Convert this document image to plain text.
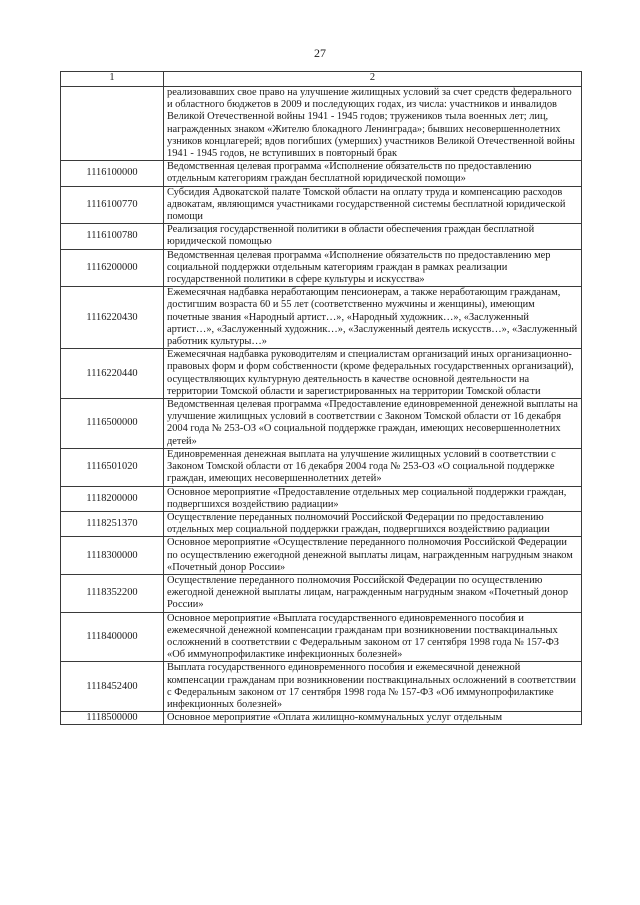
27
1	2
	реализовавших свое право на улучшение жилищных условий за счет средств федерального и областного бюджетов в 2009 и последующих годах, из числа: участников и инвалидов Великой Отечественной войны 1941 - 1945 годов; тружеников тыла военных лет; лиц, награжденных знаком «Жителю блокадного Ленинграда»; бывших несовершеннолетних узников концлагерей; вдов погибших (умерших) участников Великой Отечественной войны 1941 - 1945 годов, не вступивших в повторный брак
1116100000	Ведомственная целевая программа «Исполнение обязательств по предоставлению отдельным категориям граждан бесплатной юридической помощи»
1116100770	Субсидия Адвокатской палате Томской области на оплату труда и компенсацию расходов адвокатам, являющимся участниками государственной системы бесплатной юридической помощи
1116100780	Реализация государственной политики в области обеспечения граждан бесплатной юридической помощью
1116200000	Ведомственная целевая программа «Исполнение обязательств по предоставлению мер социальной поддержки отдельным категориям граждан в рамках реализации государственной политики в сфере культуры и искусства»
1116220430	Ежемесячная надбавка неработающим пенсионерам, а также неработающим гражданам, достигшим возраста 60 и 55 лет (соответственно мужчины и женщины), имеющим почетные звания «Народный артист…», «Народный художник…», «Заслуженный артист…», «Заслуженный художник…», «Заслуженный деятель искусств…», «Заслуженный работник культуры…»
1116220440	Ежемесячная надбавка руководителям и специалистам организаций иных организационно-правовых форм и форм собственности (кроме федеральных государственных организаций), осуществляющих культурную деятельность в качестве основной деятельности на территории Томской области и зарегистрированных на территории Томской области
1116500000	Ведомственная целевая программа «Предоставление единовременной денежной выплаты на улучшение жилищных условий в соответствии с Законом Томской области от 16 декабря 2004 года № 253-ОЗ «О социальной поддержке граждан, имеющих несовершеннолетних детей»
1116501020	Единовременная денежная выплата на улучшение жилищных условий в соответствии с Законом Томской области от 16 декабря 2004 года № 253-ОЗ «О социальной поддержке граждан, имеющих несовершеннолетних детей»
1118200000	Основное мероприятие «Предоставление отдельных мер социальной поддержки граждан, подвергшихся воздействию радиации»
1118251370	Осуществление переданных полномочий Российской Федерации по предоставлению отдельных мер социальной поддержки граждан, подвергшихся воздействию радиации
1118300000	Основное мероприятие «Осуществление переданного полномочия Российской Федерации по осуществлению ежегодной денежной выплаты лицам, награжденным нагрудным знаком «Почетный донор России»
1118352200	Осуществление переданного полномочия Российской Федерации по осуществлению ежегодной денежной выплаты лицам, награжденным нагрудным знаком «Почетный донор России»
1118400000	Основное мероприятие «Выплата государственного единовременного пособия и ежемесячной денежной компенсации гражданам при возникновении поствакцинальных осложнений в соответствии с Федеральным законом от 17 сентября 1998 года № 157-ФЗ «Об иммунопрофилактике инфекционных болезней»
1118452400	Выплата государственного единовременного пособия и ежемесячной денежной компенсации гражданам при возникновении поствакцинальных осложнений в соответствии с Федеральным законом от 17 сентября 1998 года № 157-ФЗ «Об иммунопрофилактике инфекционных болезней»
1118500000	Основное мероприятие «Оплата жилищно-коммунальных услуг отдельным
